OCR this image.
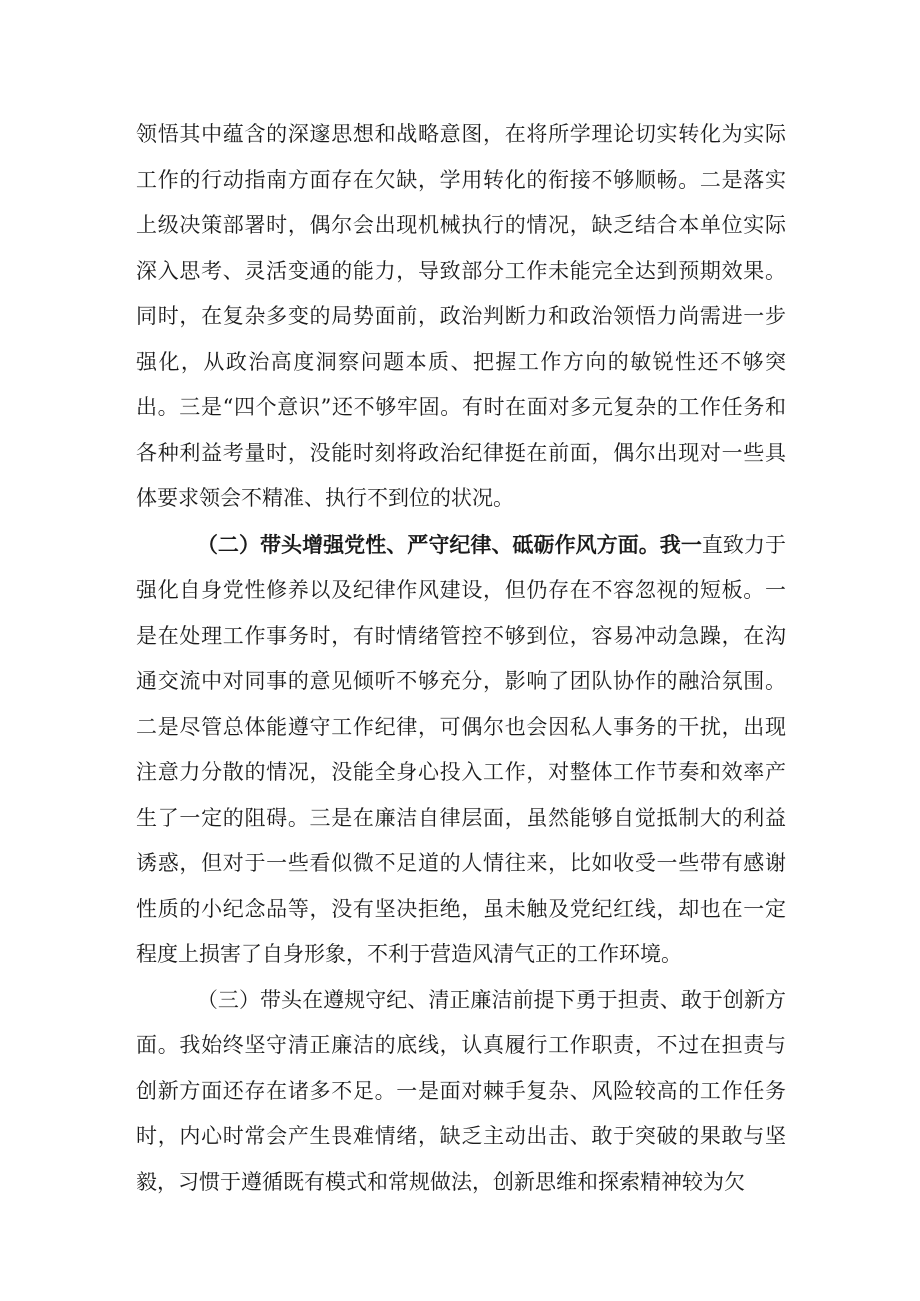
领悟其中蕴含的深邃思想和战略意图，在将所学理论切实转化为实际工作的行动指南方面存在欠缺，学用转化的衔接不够顺畅。二是落实上级决策部署时，偶尔会出现机械执行的情况，缺乏结合本单位实际深入思考、灵活变通的能力，导致部分工作未能完全达到预期效果。同时，在复杂多变的局势面前，政治判断力和政治领悟力尚需进一步强化，从政治高度洞察问题本质、把握工作方向的敏锐性还不够突出。三是“四个意识”还不够牢固。有时在面对多元复杂的工作任务和各种利益考量时，没能时刻将政治纪律挺在前面，偶尔出现对一些具体要求领会不精准、执行不到位的状况。

（二）带头增强党性、严守纪律、砥砺作风方面。我一直致力于强化自身党性修养以及纪律作风建设，但仍存在不容忽视的短板。一是在处理工作事务时，有时情绪管控不够到位，容易冲动急躁，在沟通交流中对同事的意见倾听不够充分，影响了团队协作的融洽氛围。二是尽管总体能遵守工作纪律，可偶尔也会因私人事务的干扰，出现注意力分散的情况，没能全身心投入工作，对整体工作节奏和效率产生了一定的阻碍。三是在廉洁自律层面，虽然能够自觉抵制大的利益诱惑，但对于一些看似微不足道的人情往来，比如收受一些带有感谢性质的小纪念品等，没有坚决拒绝，虽未触及党纪红线，却也在一定程度上损害了自身形象，不利于营造风清气正的工作环境。

（三）带头在遵规守纪、清正廉洁前提下勇于担责、敢于创新方面。我始终坚守清正廉洁的底线，认真履行工作职责，不过在担责与创新方面还存在诸多不足。一是面对棘手复杂、风险较高的工作任务时，内心时常会产生畏难情绪，缺乏主动出击、敢于突破的果敢与坚毅，习惯于遵循既有模式和常规做法，创新思维和探索精神较为欠
